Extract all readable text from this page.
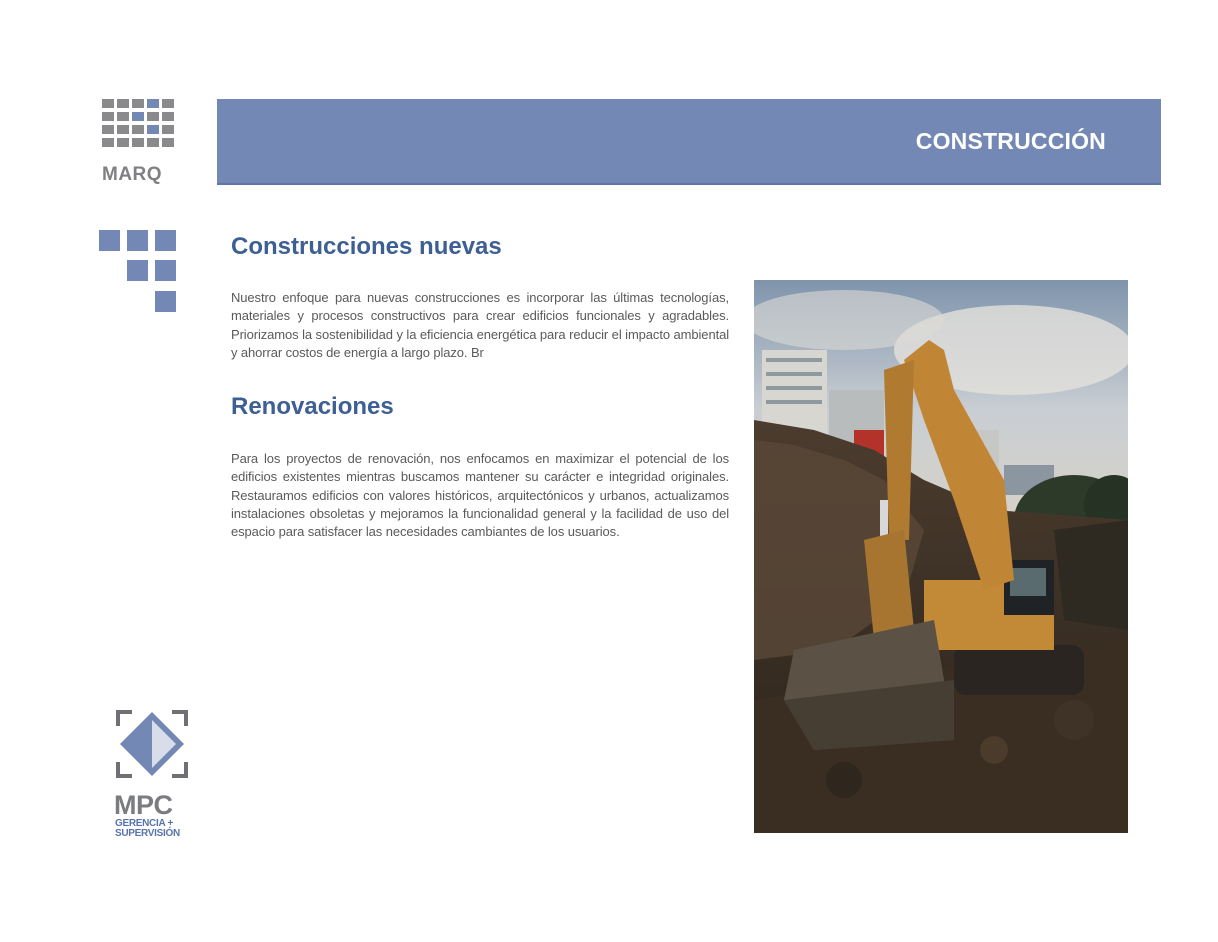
MARQ
CONSTRUCCIÓN
Construcciones nuevas

Nuestro enfoque para nuevas construcciones es incorporar las últimas tecnologías, materiales y procesos constructivos para crear edificios funcionales y agradables. Priorizamos la sostenibilidad y la eficiencia energética para reducir el impacto ambiental y ahorrar costos de energía a largo plazo. Br

Renovaciones

Para los proyectos de renovación, nos enfocamos en maximizar el potencial de los edificios existentes mientras buscamos mantener su carácter e integridad originales. Restauramos edificios con valores históricos, arquitectónicos y urbanos, actualizamos instalaciones obsoletas y mejoramos la funcionalidad general y la facilidad de uso del espacio para satisfacer las necesidades cambiantes de los usuarios.

MPC
GERENCIA +
SUPERVISIÓN
